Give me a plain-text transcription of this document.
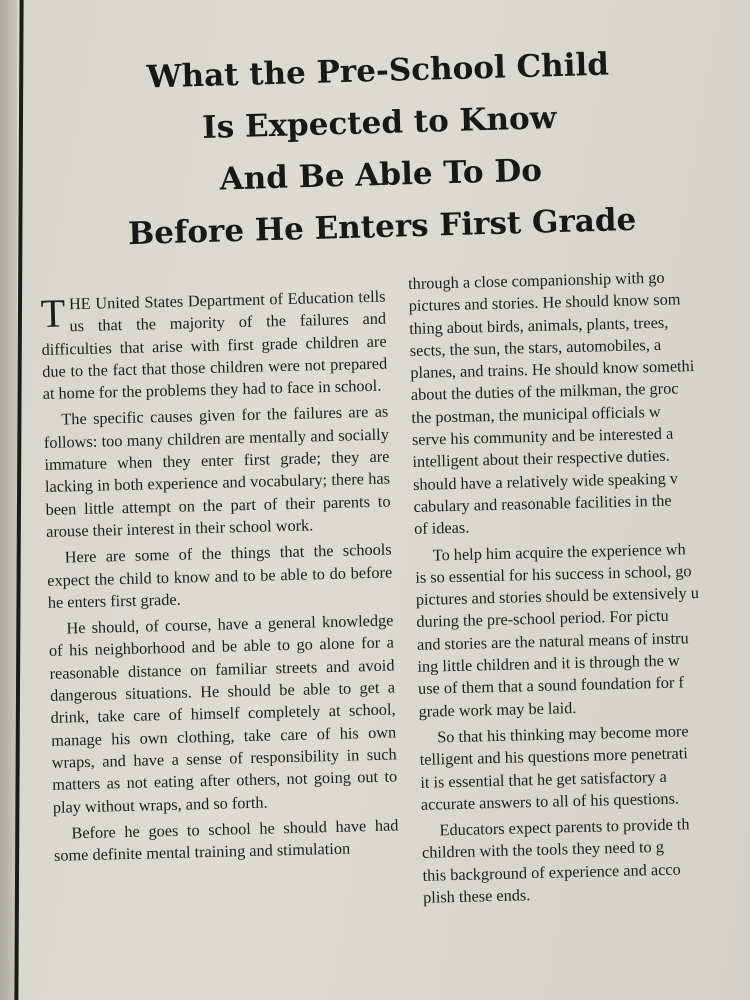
What the Pre-School Child
Is Expected to Know
And Be Able To Do
Before He Enters First Grade

THE United States Department of Education tells us that the majority of the failures and difficulties that arise with first grade children are due to the fact that those children were not prepared at home for the problems they had to face in school.

The specific causes given for the failures are as follows: too many children are mentally and socially immature when they enter first grade; they are lacking in both experience and vocabulary; there has been little attempt on the part of their parents to arouse their interest in their school work.

Here are some of the things that the schools expect the child to know and to be able to do before he enters first grade.

He should, of course, have a general knowledge of his neighborhood and be able to go alone for a reasonable distance on familiar streets and avoid dangerous situations. He should be able to get a drink, take care of himself completely at school, manage his own clothing, take care of his own wraps, and have a sense of responsibility in such matters as not eating after others, not going out to play without wraps, and so forth.

Before he goes to school he should have had some definite mental training and stimulation

through a close companionship with go
pictures and stories. He should know som
thing about birds, animals, plants, trees,
sects, the sun, the stars, automobiles, a
planes, and trains. He should know somethi
about the duties of the milkman, the groc
the postman, the municipal officials w
serve his community and be interested a
intelligent about their respective duties.
should have a relatively wide speaking v
cabulary and reasonable facilities in the
of ideas.

To help him acquire the experience wh
is so essential for his success in school, go
pictures and stories should be extensively u
during the pre-school period. For pictu
and stories are the natural means of instru
ing little children and it is through the w
use of them that a sound foundation for f
grade work may be laid.

So that his thinking may become more
telligent and his questions more penetrati
it is essential that he get satisfactory a
accurate answers to all of his questions.

Educators expect parents to provide th
children with the tools they need to g
this background of experience and acco
plish these ends.
